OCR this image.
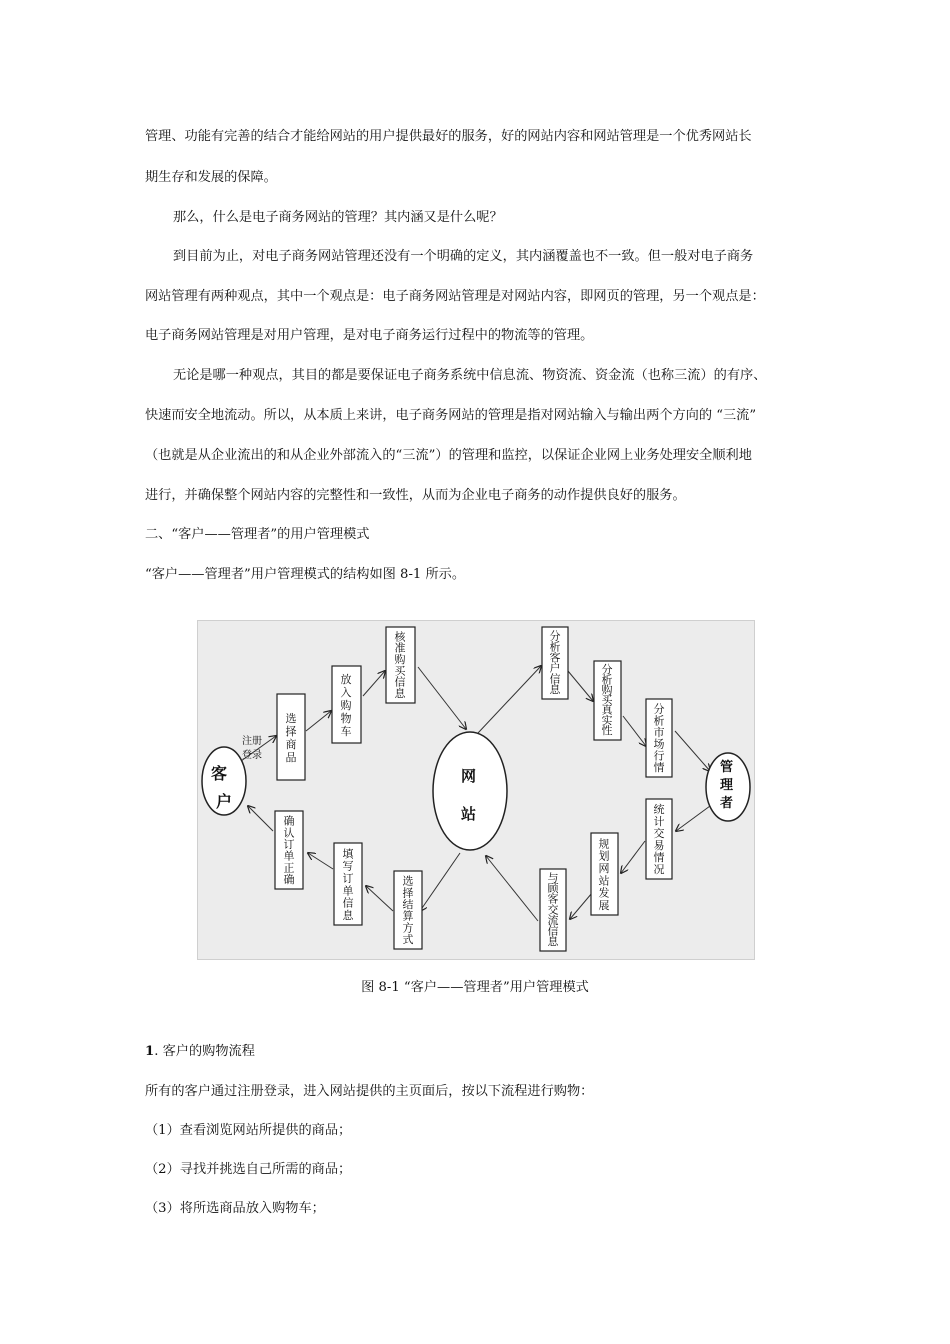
管理、功能有完善的结合才能给网站的用户提供最好的服务，好的网站内容和网站管理是一个优秀网站长
期生存和发展的保障。
那么，什么是电子商务网站的管理？其内涵又是什么呢？
到目前为止，对电子商务网站管理还没有一个明确的定义，其内涵覆盖也不一致。但一般对电子商务
网站管理有两种观点，其中一个观点是：电子商务网站管理是对网站内容，即网页的管理，另一个观点是：
电子商务网站管理是对用户管理，是对电子商务运行过程中的物流等的管理。
无论是哪一种观点，其目的都是要保证电子商务系统中信息流、物资流、资金流（也称三流）的有序、
快速而安全地流动。所以，从本质上来讲，电子商务网站的管理是指对网站输入与输出两个方向的 “三流”
（也就是从企业流出的和从企业外部流入的“三流”）的管理和监控，以保证企业网上业务处理安全顺利地
进行，并确保整个网站内容的完整性和一致性，从而为企业电子商务的动作提供良好的服务。
二、“客户——管理者”的用户管理模式
“客户——管理者”用户管理模式的结构如图 8-1 所示。
客
户
网
站
管
理
者
注册
登录
选择商品
放入购物车
核准购买信息
分析客户信息
分析购买真实性
分析市场行情
统计交易情况
规划网站发展
与顾客交流信息
选择结算方式
填写订单信息
确认订单正确
图 8-1 “客户——管理者”用户管理模式
1. 客户的购物流程
所有的客户通过注册登录，进入网站提供的主页面后，按以下流程进行购物：
（1）查看浏览网站所提供的商品；
（2）寻找并挑选自己所需的商品；
（3）将所选商品放入购物车；
